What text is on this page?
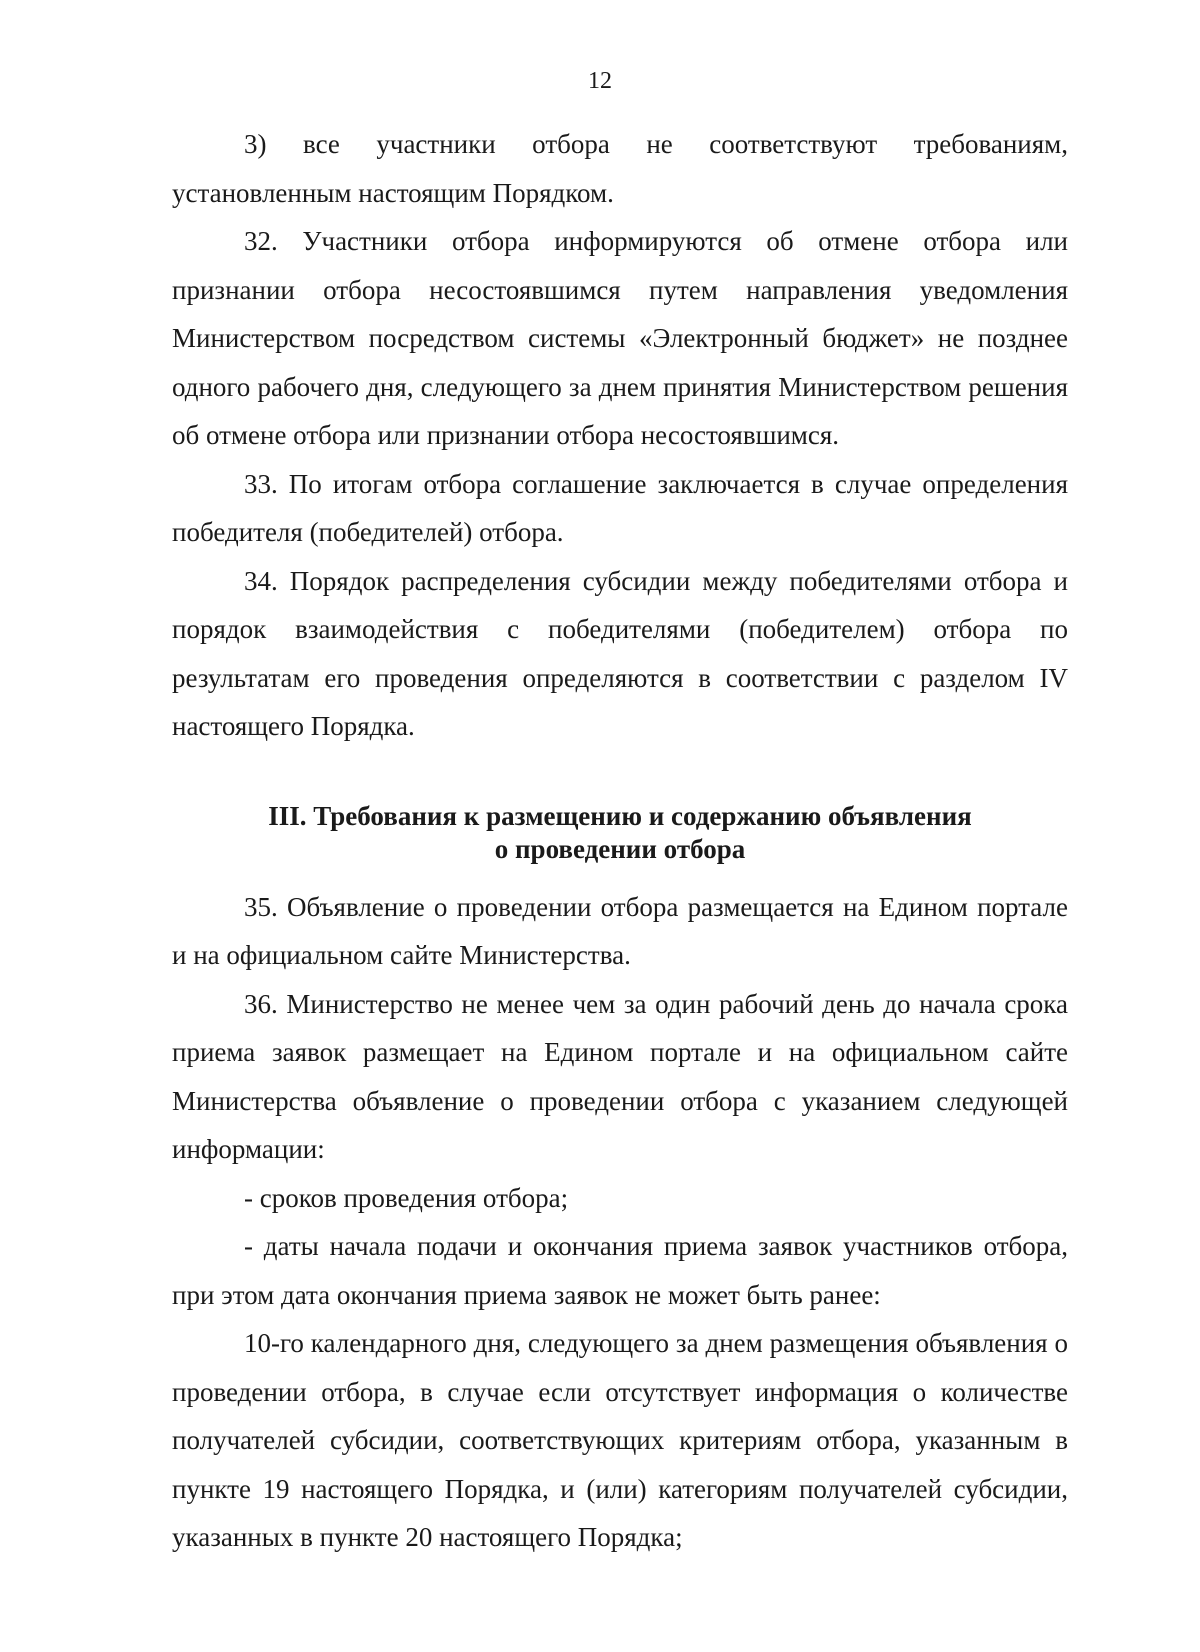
12

3) все участники отбора не соответствуют требованиям, установленным настоящим Порядком.

32. Участники отбора информируются об отмене отбора или признании отбора несостоявшимся путем направления уведомления Министерством посредством системы «Электронный бюджет» не позднее одного рабочего дня, следующего за днем принятия Министерством решения об отмене отбора или признании отбора несостоявшимся.

33. По итогам отбора соглашение заключается в случае определения победителя (победителей) отбора.

34. Порядок распределения субсидии между победителями отбора и порядок взаимодействия с победителями (победителем) отбора по результатам его проведения определяются в соответствии с разделом IV настоящего Порядка.

III. Требования к размещению и содержанию объявления
о проведении отбора

35. Объявление о проведении отбора размещается на Едином портале и на официальном сайте Министерства.

36. Министерство не менее чем за один рабочий день до начала срока приема заявок размещает на Едином портале и на официальном сайте Министерства объявление о проведении отбора с указанием следующей информации:

- сроков проведения отбора;

- даты начала подачи и окончания приема заявок участников отбора, при этом дата окончания приема заявок не может быть ранее:

10-го календарного дня, следующего за днем размещения объявления о проведении отбора, в случае если отсутствует информация о количестве получателей субсидии, соответствующих критериям отбора, указанным в пункте 19 настоящего Порядка, и (или) категориям получателей субсидии, указанных в пункте 20 настоящего Порядка;
